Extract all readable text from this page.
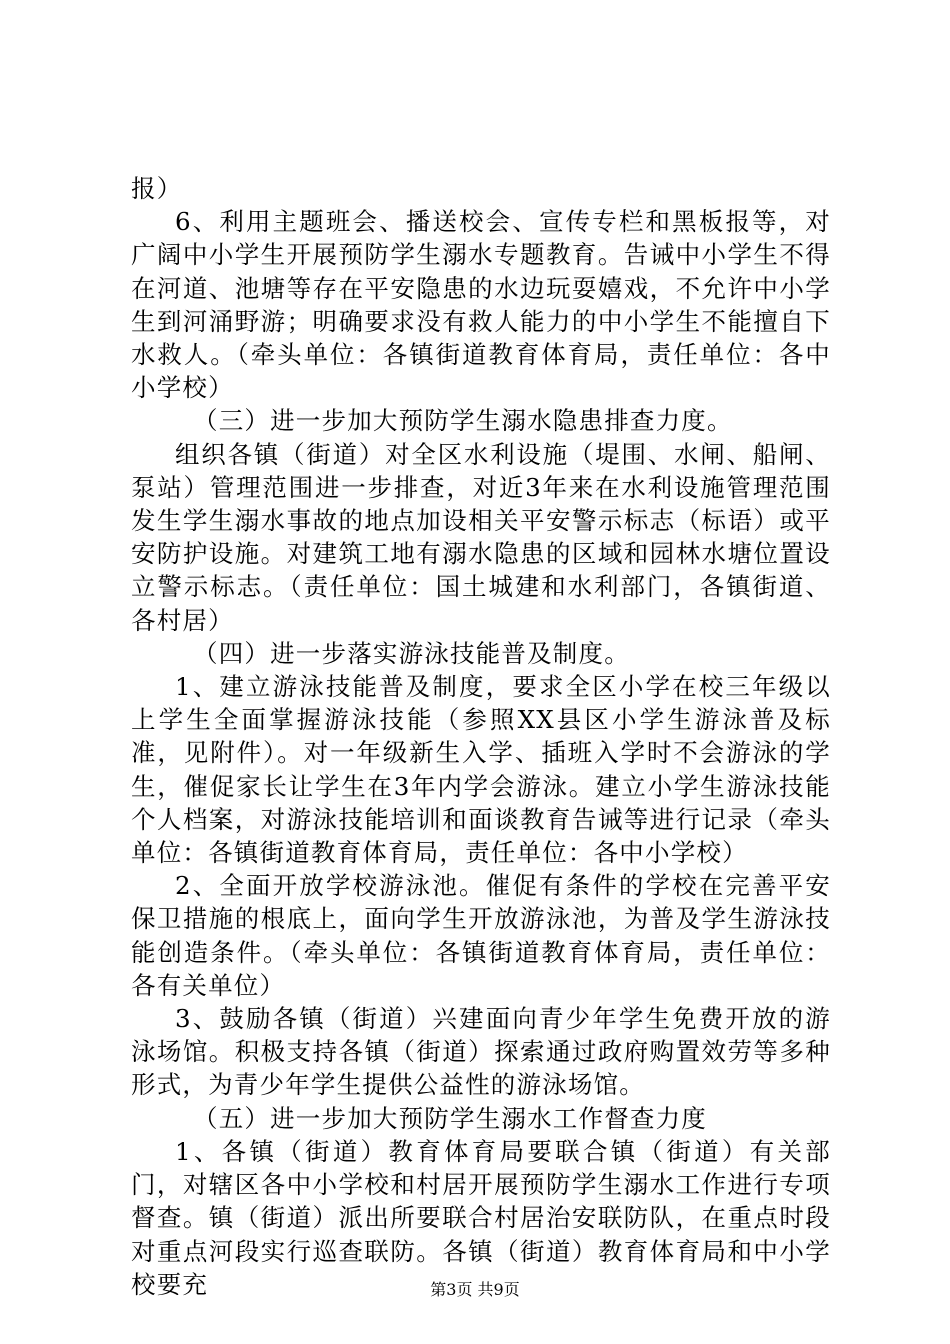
报）

6、利用主题班会、播送校会、宣传专栏和黑板报等，对广阔中小学生开展预防学生溺水专题教育。告诫中小学生不得在河道、池塘等存在平安隐患的水边玩耍嬉戏，不允许中小学生到河涌野游；明确要求没有救人能力的中小学生不能擅自下水救人。（牵头单位：各镇街道教育体育局，责任单位：各中小学校）

（三）进一步加大预防学生溺水隐患排查力度。

组织各镇（街道）对全区水利设施（堤围、水闸、船闸、泵站）管理范围进一步排查，对近3年来在水利设施管理范围发生学生溺水事故的地点加设相关平安警示标志（标语）或平安防护设施。对建筑工地有溺水隐患的区域和园林水塘位置设立警示标志。（责任单位：国土城建和水利部门，各镇街道、各村居）

（四）进一步落实游泳技能普及制度。

1、建立游泳技能普及制度，要求全区小学在校三年级以上学生全面掌握游泳技能（参照XX县区小学生游泳普及标准，见附件）。对一年级新生入学、插班入学时不会游泳的学生，催促家长让学生在3年内学会游泳。建立小学生游泳技能个人档案，对游泳技能培训和面谈教育告诫等进行记录（牵头单位：各镇街道教育体育局，责任单位：各中小学校）

2、全面开放学校游泳池。催促有条件的学校在完善平安保卫措施的根底上，面向学生开放游泳池，为普及学生游泳技能创造条件。（牵头单位：各镇街道教育体育局，责任单位：各有关单位）

3、鼓励各镇（街道）兴建面向青少年学生免费开放的游泳场馆。积极支持各镇（街道）探索通过政府购置效劳等多种形式，为青少年学生提供公益性的游泳场馆。

（五）进一步加大预防学生溺水工作督查力度

1、各镇（街道）教育体育局要联合镇（街道）有关部门，对辖区各中小学校和村居开展预防学生溺水工作进行专项督查。镇（街道）派出所要联合村居治安联防队，在重点时段对重点河段实行巡查联防。各镇（街道）教育体育局和中小学校要充	第3页 共9页
